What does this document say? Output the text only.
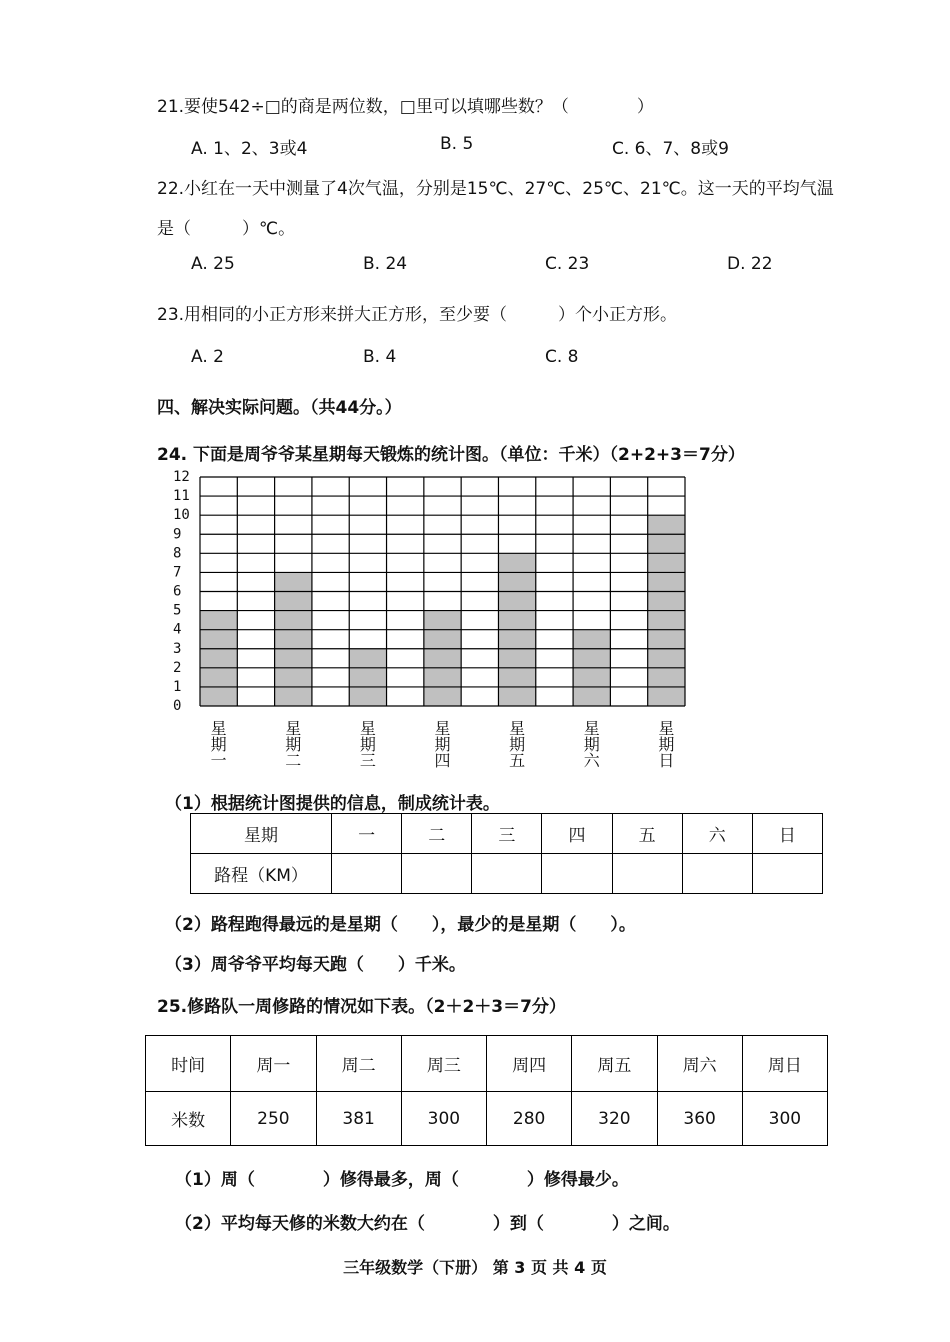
21.要使542÷□的商是两位数，□里可以填哪些数？（　　　　）
A. 1、2、3或4	B. 5	C. 6、7、8或9
22.小红在一天中测量了4次气温，分别是15℃、27℃、25℃、21℃。这一天的平均气温
是（　　　）℃。
A. 25	B. 24	C. 23	D. 22
23.用相同的小正方形来拼大正方形，至少要（　　　）个小正方形。
A. 2	B. 4	C. 8
四、解决实际问题。（共44分。）
24. 下面是周爷爷某星期每天锻炼的统计图。（单位：千米）（2+2+3＝7分）
0
1
2
3
4
5
6
7
8
9
10
11
12
星
期
一
星
期
二
星
期
三
星
期
四
星
期
五
星
期
六
星
期
日
（1）根据统计图提供的信息，制成统计表。
星期	一	二	三	四	五	六	日
路程（KM）							
（2）路程跑得最远的是星期（　　），最少的是星期（　　）。
（3）周爷爷平均每天跑（　　）千米。
25.修路队一周修路的情况如下表。（2＋2＋3＝7分）
时间	周一	周二	周三	周四	周五	周六	周日
米数	250	381	300	280	320	360	300
（1）周（　　　　）修得最多，周（　　　　）修得最少。
（2）平均每天修的米数大约在（　　　　）到（　　　　）之间。
三年级数学（下册） 第 3 页 共 4 页
